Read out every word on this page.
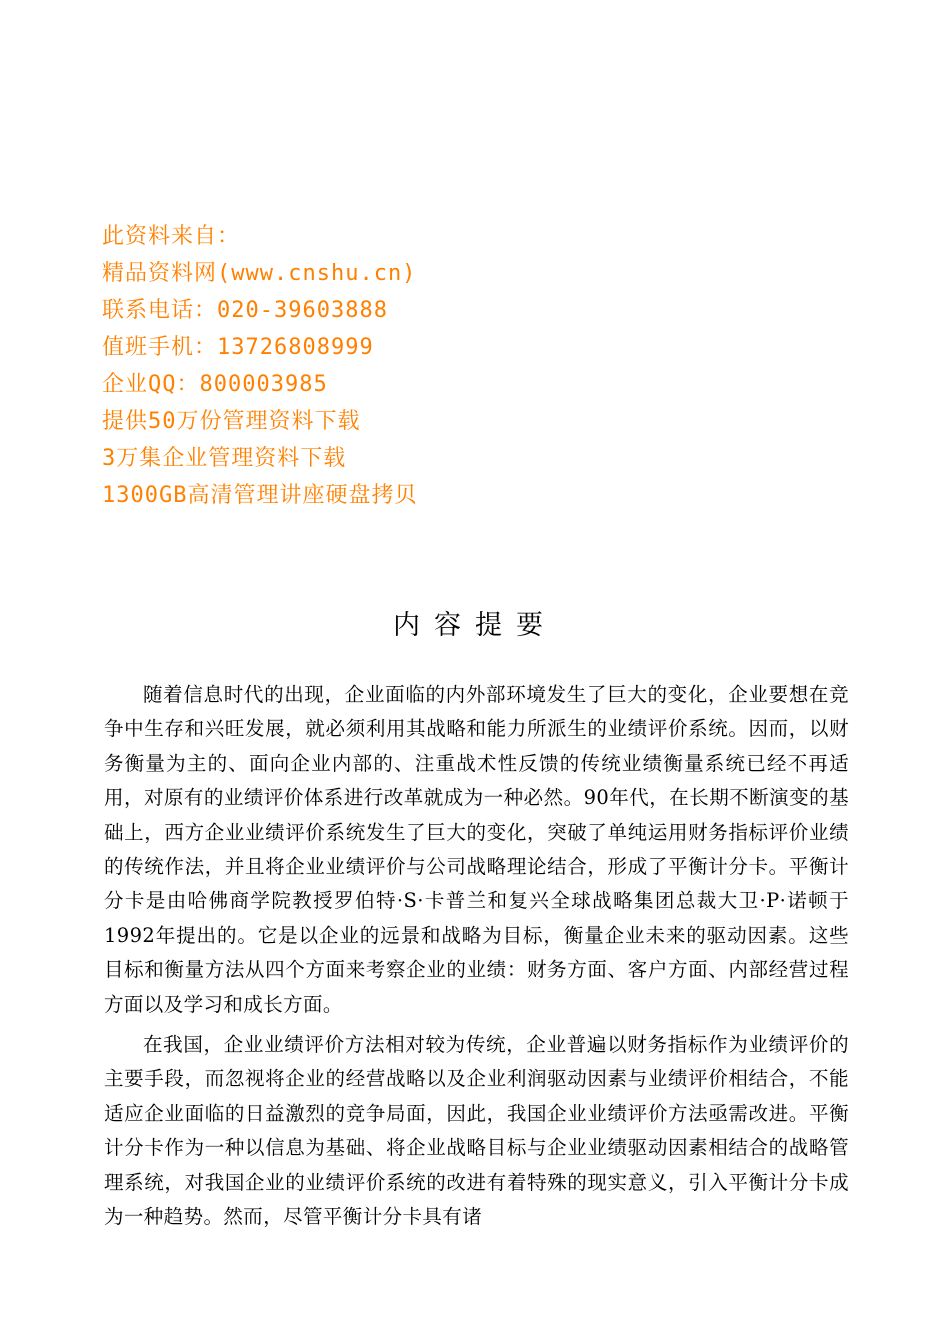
此资料来自：
精品资料网(www.cnshu.cn)
联系电话：020-39603888
值班手机：13726808999
企业QQ：800003985
提供50万份管理资料下载
3万集企业管理资料下载
1300GB高清管理讲座硬盘拷贝
内容提要

随着信息时代的出现，企业面临的内外部环境发生了巨大的变化，企业要想在竞争中生存和兴旺发展，就必须利用其战略和能力所派生的业绩评价系统。因而，以财务衡量为主的、面向企业内部的、注重战术性反馈的传统业绩衡量系统已经不再适用，对原有的业绩评价体系进行改革就成为一种必然。90年代，在长期不断演变的基础上，西方企业业绩评价系统发生了巨大的变化，突破了单纯运用财务指标评价业绩的传统作法，并且将企业业绩评价与公司战略理论结合，形成了平衡计分卡。平衡计分卡是由哈佛商学院教授罗伯特·S·卡普兰和复兴全球战略集团总裁大卫·P·诺顿于1992年提出的。它是以企业的远景和战略为目标，衡量企业未来的驱动因素。这些目标和衡量方法从四个方面来考察企业的业绩：财务方面、客户方面、内部经营过程方面以及学习和成长方面。

在我国，企业业绩评价方法相对较为传统，企业普遍以财务指标作为业绩评价的主要手段，而忽视将企业的经营战略以及企业利润驱动因素与业绩评价相结合，不能适应企业面临的日益激烈的竞争局面，因此，我国企业业绩评价方法亟需改进。平衡计分卡作为一种以信息为基础、将企业战略目标与企业业绩驱动因素相结合的战略管理系统，对我国企业的业绩评价系统的改进有着特殊的现实意义，引入平衡计分卡成为一种趋势。然而，尽管平衡计分卡具有诸
